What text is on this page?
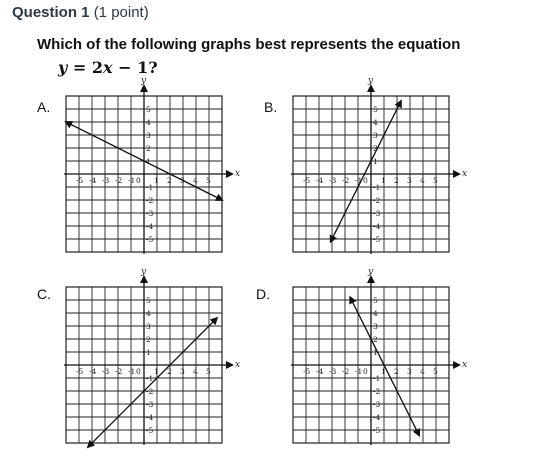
Question 1 (1 point)
Which of the following graphs best represents the equation
y = 2x − 1?
A.
x
y
-5 -4 -3 -2 -1 1 2 3 4 5
0
5
4
3
2
1
-1
-2
-3
-4
-5
B.
x
y
-5 -4 -3 -2 -1 1 2 3 4 5
0
5
4
3
2
1
-1
-2
-3
-4
-5
C.
x
y
-5 -4 -3 -2 -1 1 2 3 4 5
0
5
4
3
2
1
-1
-2
-3
-4
-5
D.
x
y
-5 -4 -3 -2 -1 1 2 3 4 5
0
5
4
3
2
1
-1
-2
-3
-4
-5
